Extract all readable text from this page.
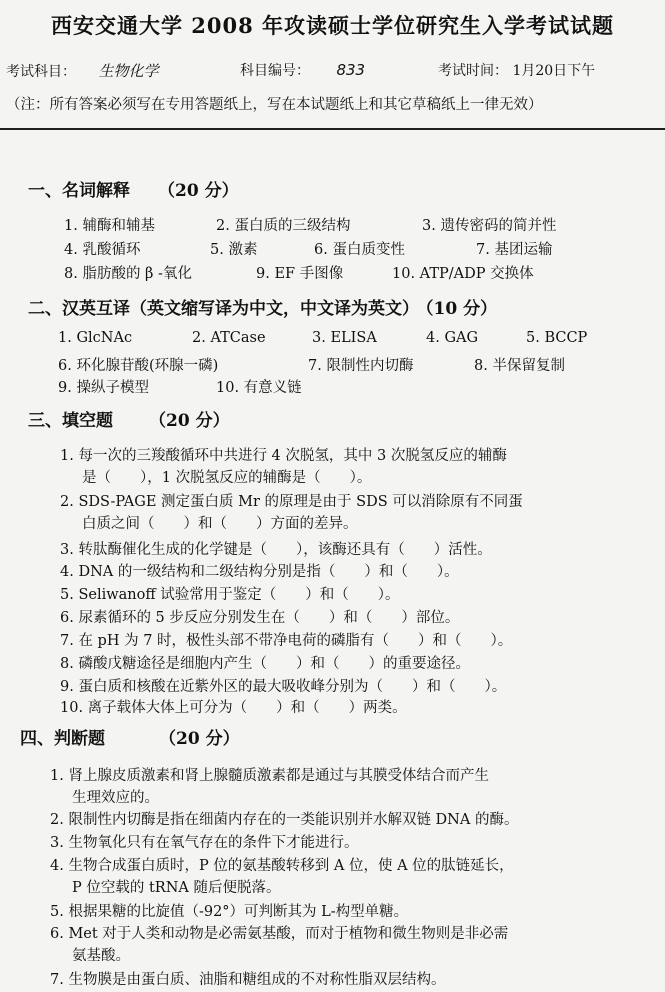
西安交通大学 2008 年攻读硕士学位研究生入学考试试题
考试科目： 生物化学	科目编号： 833	考试时间： 1月20日下午
（注：所有答案必须写在专用答题纸上，写在本试题纸上和其它草稿纸上一律无效）
一、名词解释 （20 分）
1. 辅酶和辅基	2. 蛋白质的三级结构	3. 遗传密码的简并性
4. 乳酸循环	5. 激素	6. 蛋白质变性	7. 基团运输
8. 脂肪酸的 β -氧化	9. EF 手图像	10. ATP/ADP 交换体
二、汉英互译（英文缩写译为中文，中文译为英文） （10 分）
1. GlcNAc	2. ATCase	3. ELISA	4. GAG	5. BCCP
6. 环化腺苷酸(环腺一磷)	7. 限制性内切酶	8. 半保留复制
9. 操纵子模型	10. 有意义链
三、填空题 （20 分）
1. 每一次的三羧酸循环中共进行 4 次脱氢，其中 3 次脱氢反应的辅酶
是（　　），1 次脱氢反应的辅酶是（　　）。
2. SDS-PAGE 测定蛋白质 Mr 的原理是由于 SDS 可以消除原有不同蛋
白质之间（　　）和（　　）方面的差异。
3. 转肽酶催化生成的化学键是（　　），该酶还具有（　　）活性。
4. DNA 的一级结构和二级结构分别是指（　　）和（　　）。
5. Seliwanoff 试验常用于鉴定（　　）和（　　）。
6. 尿素循环的 5 步反应分别发生在（　　）和（　　）部位。
7. 在 pH 为 7 时，极性头部不带净电荷的磷脂有（　　）和（　　）。
8. 磷酸戊糖途径是细胞内产生（　　）和（　　）的重要途径。
9. 蛋白质和核酸在近紫外区的最大吸收峰分别为（　　）和（　　）。
10. 离子载体大体上可分为（　　）和（　　）两类。
四、判断题	（20 分）
1. 肾上腺皮质激素和肾上腺髓质激素都是通过与其膜受体结合而产生
生理效应的。
2. 限制性内切酶是指在细菌内存在的一类能识别并水解双链 DNA 的酶。
3. 生物氧化只有在氧气存在的条件下才能进行。
4. 生物合成蛋白质时，P 位的氨基酸转移到 A 位，使 A 位的肽链延长，
P 位空载的 tRNA 随后便脱落。
5. 根据果糖的比旋值（-92°）可判断其为 L-构型单糖。
6. Met 对于人类和动物是必需氨基酸，而对于植物和微生物则是非必需
氨基酸。
7. 生物膜是由蛋白质、油脂和糖组成的不对称性脂双层结构。
